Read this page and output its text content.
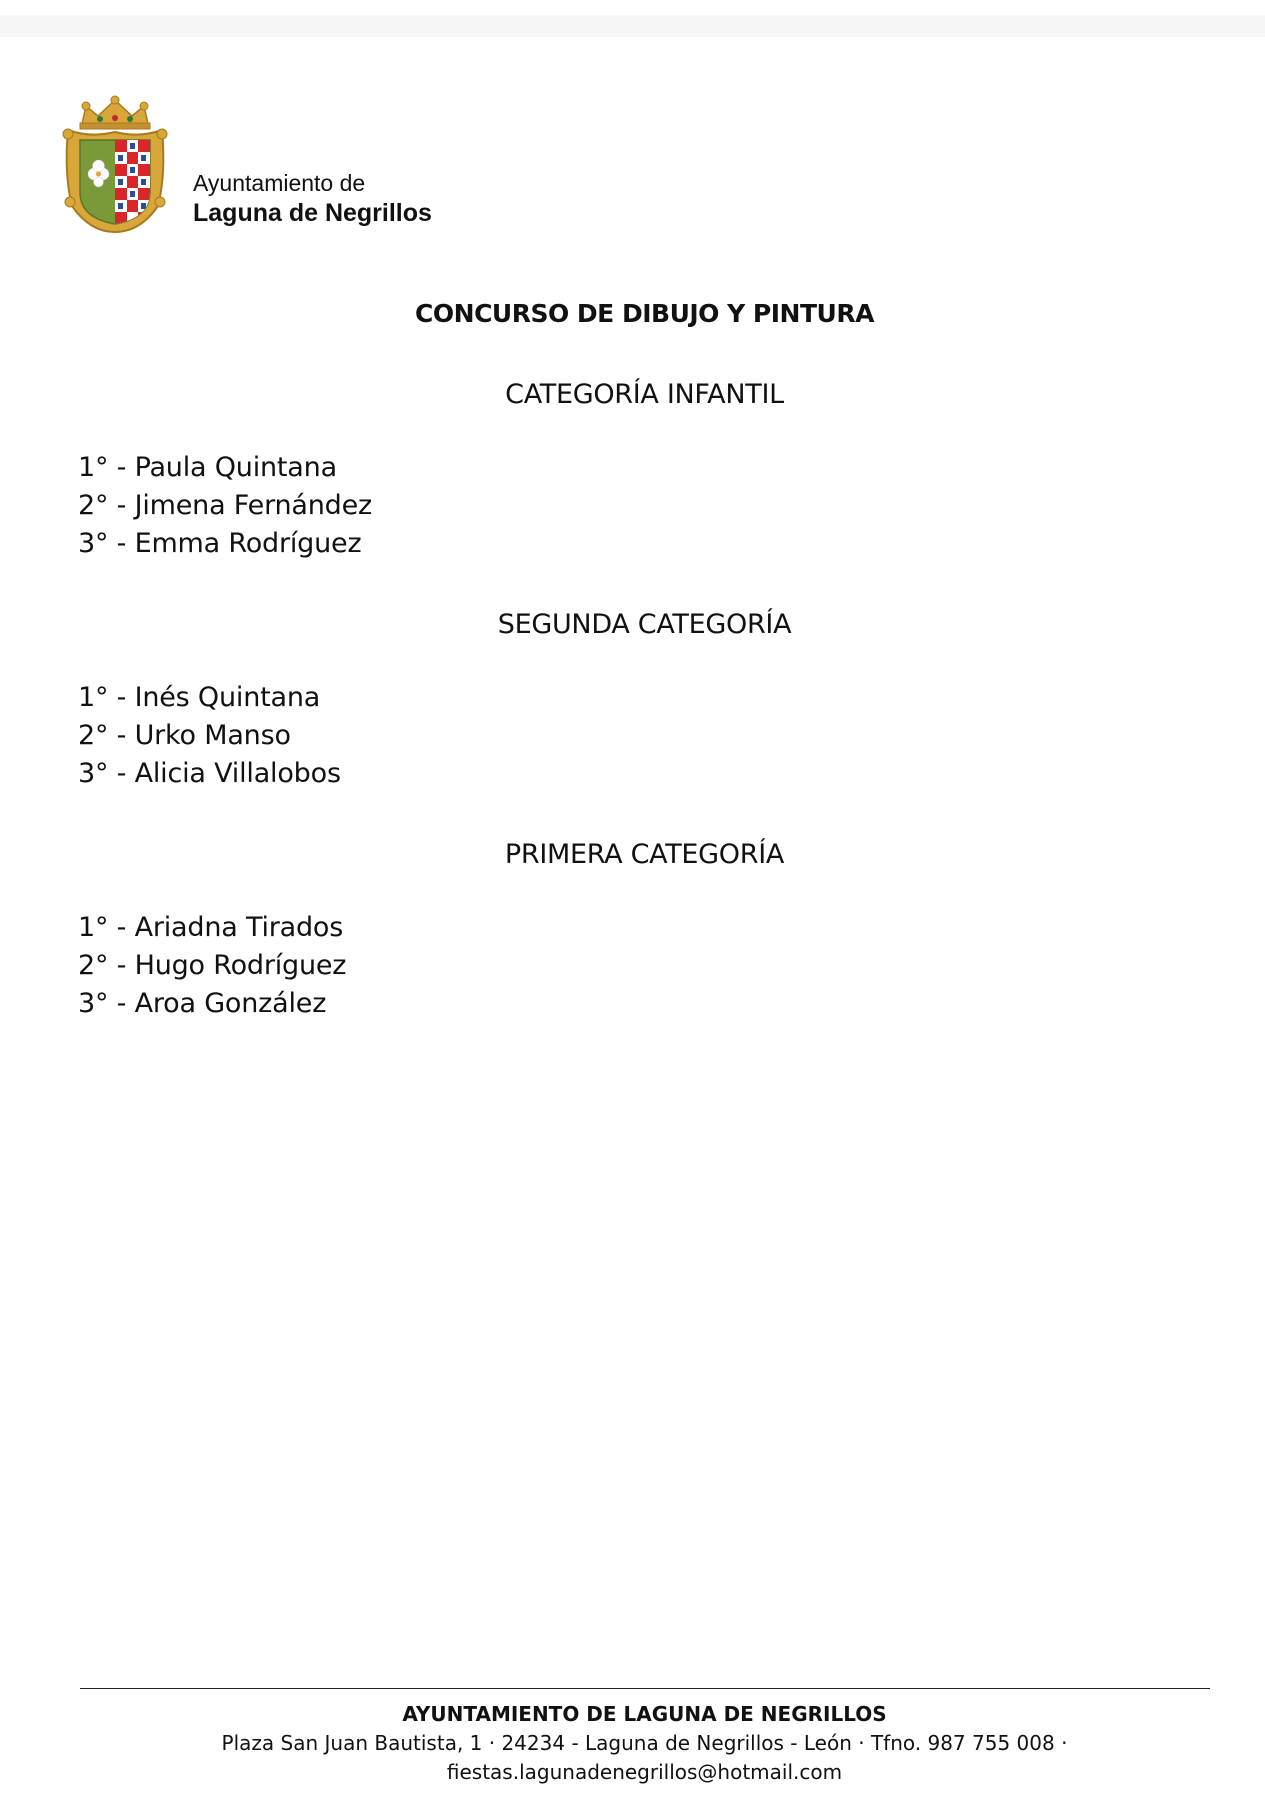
Ayuntamiento de
Laguna de Negrillos
CONCURSO DE DIBUJO Y PINTURA
CATEGORÍA INFANTIL
1° - Paula Quintana
2° - Jimena Fernández
3° - Emma Rodríguez
SEGUNDA CATEGORÍA
1° - Inés Quintana
2° - Urko Manso
3° - Alicia Villalobos
PRIMERA CATEGORÍA
1° - Ariadna Tirados
2° - Hugo Rodríguez
3° - Aroa González
AYUNTAMIENTO DE LAGUNA DE NEGRILLOS
Plaza San Juan Bautista, 1 · 24234 - Laguna de Negrillos - León · Tfno. 987 755 008 ·
fiestas.lagunadenegrillos@hotmail.com
